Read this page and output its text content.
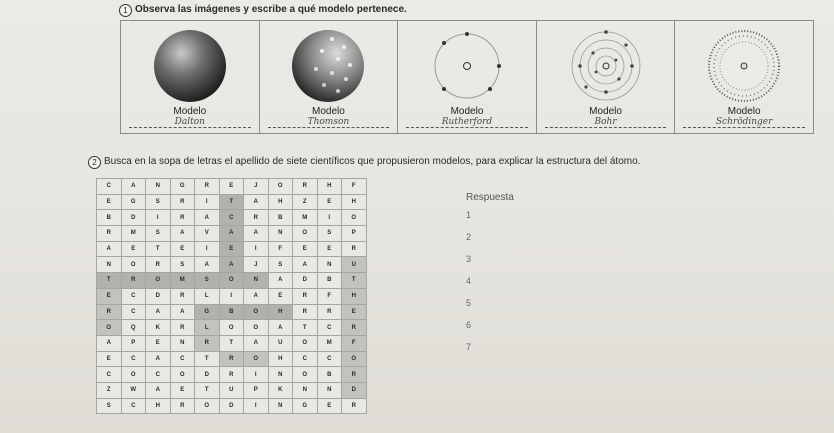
1 Observa las imágenes y escribe a qué modelo pertenece.
Modelo
Dalton
Modelo
Thomson
Modelo
Rutherford
Modelo
Bohr
Modelo
Schrödinger
2 Busca en la sopa de letras el apellido de siete científicos que propusieron modelos, para explicar la estructura del átomo.
C	A	N	G	R	E	J	O	R	H	F
E	G	S	R	I	T	A	H	Z	E	H
B	D	I	R	A	C	R	B	M	I	O
R	M	S	A	V	A	A	N	O	S	P
A	E	T	E	I	E	I	F	E	E	R
N	O	R	S	A	A	J	S	A	N	U
T	R	O	M	S	O	N	A	D	B	T
E	C	D	R	L	I	A	E	R	F	H
R	C	A	A	G	B	O	H	R	R	E
O	Q	K	R	L	O	O	A	T	C	R
A	P	E	N	R	T	A	U	O	M	F
E	C	A	C	T	R	O	H	C	C	O
C	O	C	O	D	R	I	N	O	B	R
Z	W	A	E	T	U	P	K	N	N	D
S	C	H	R	O	D	I	N	G	E	R
Respuesta
1
2
3
4
5
6
7
